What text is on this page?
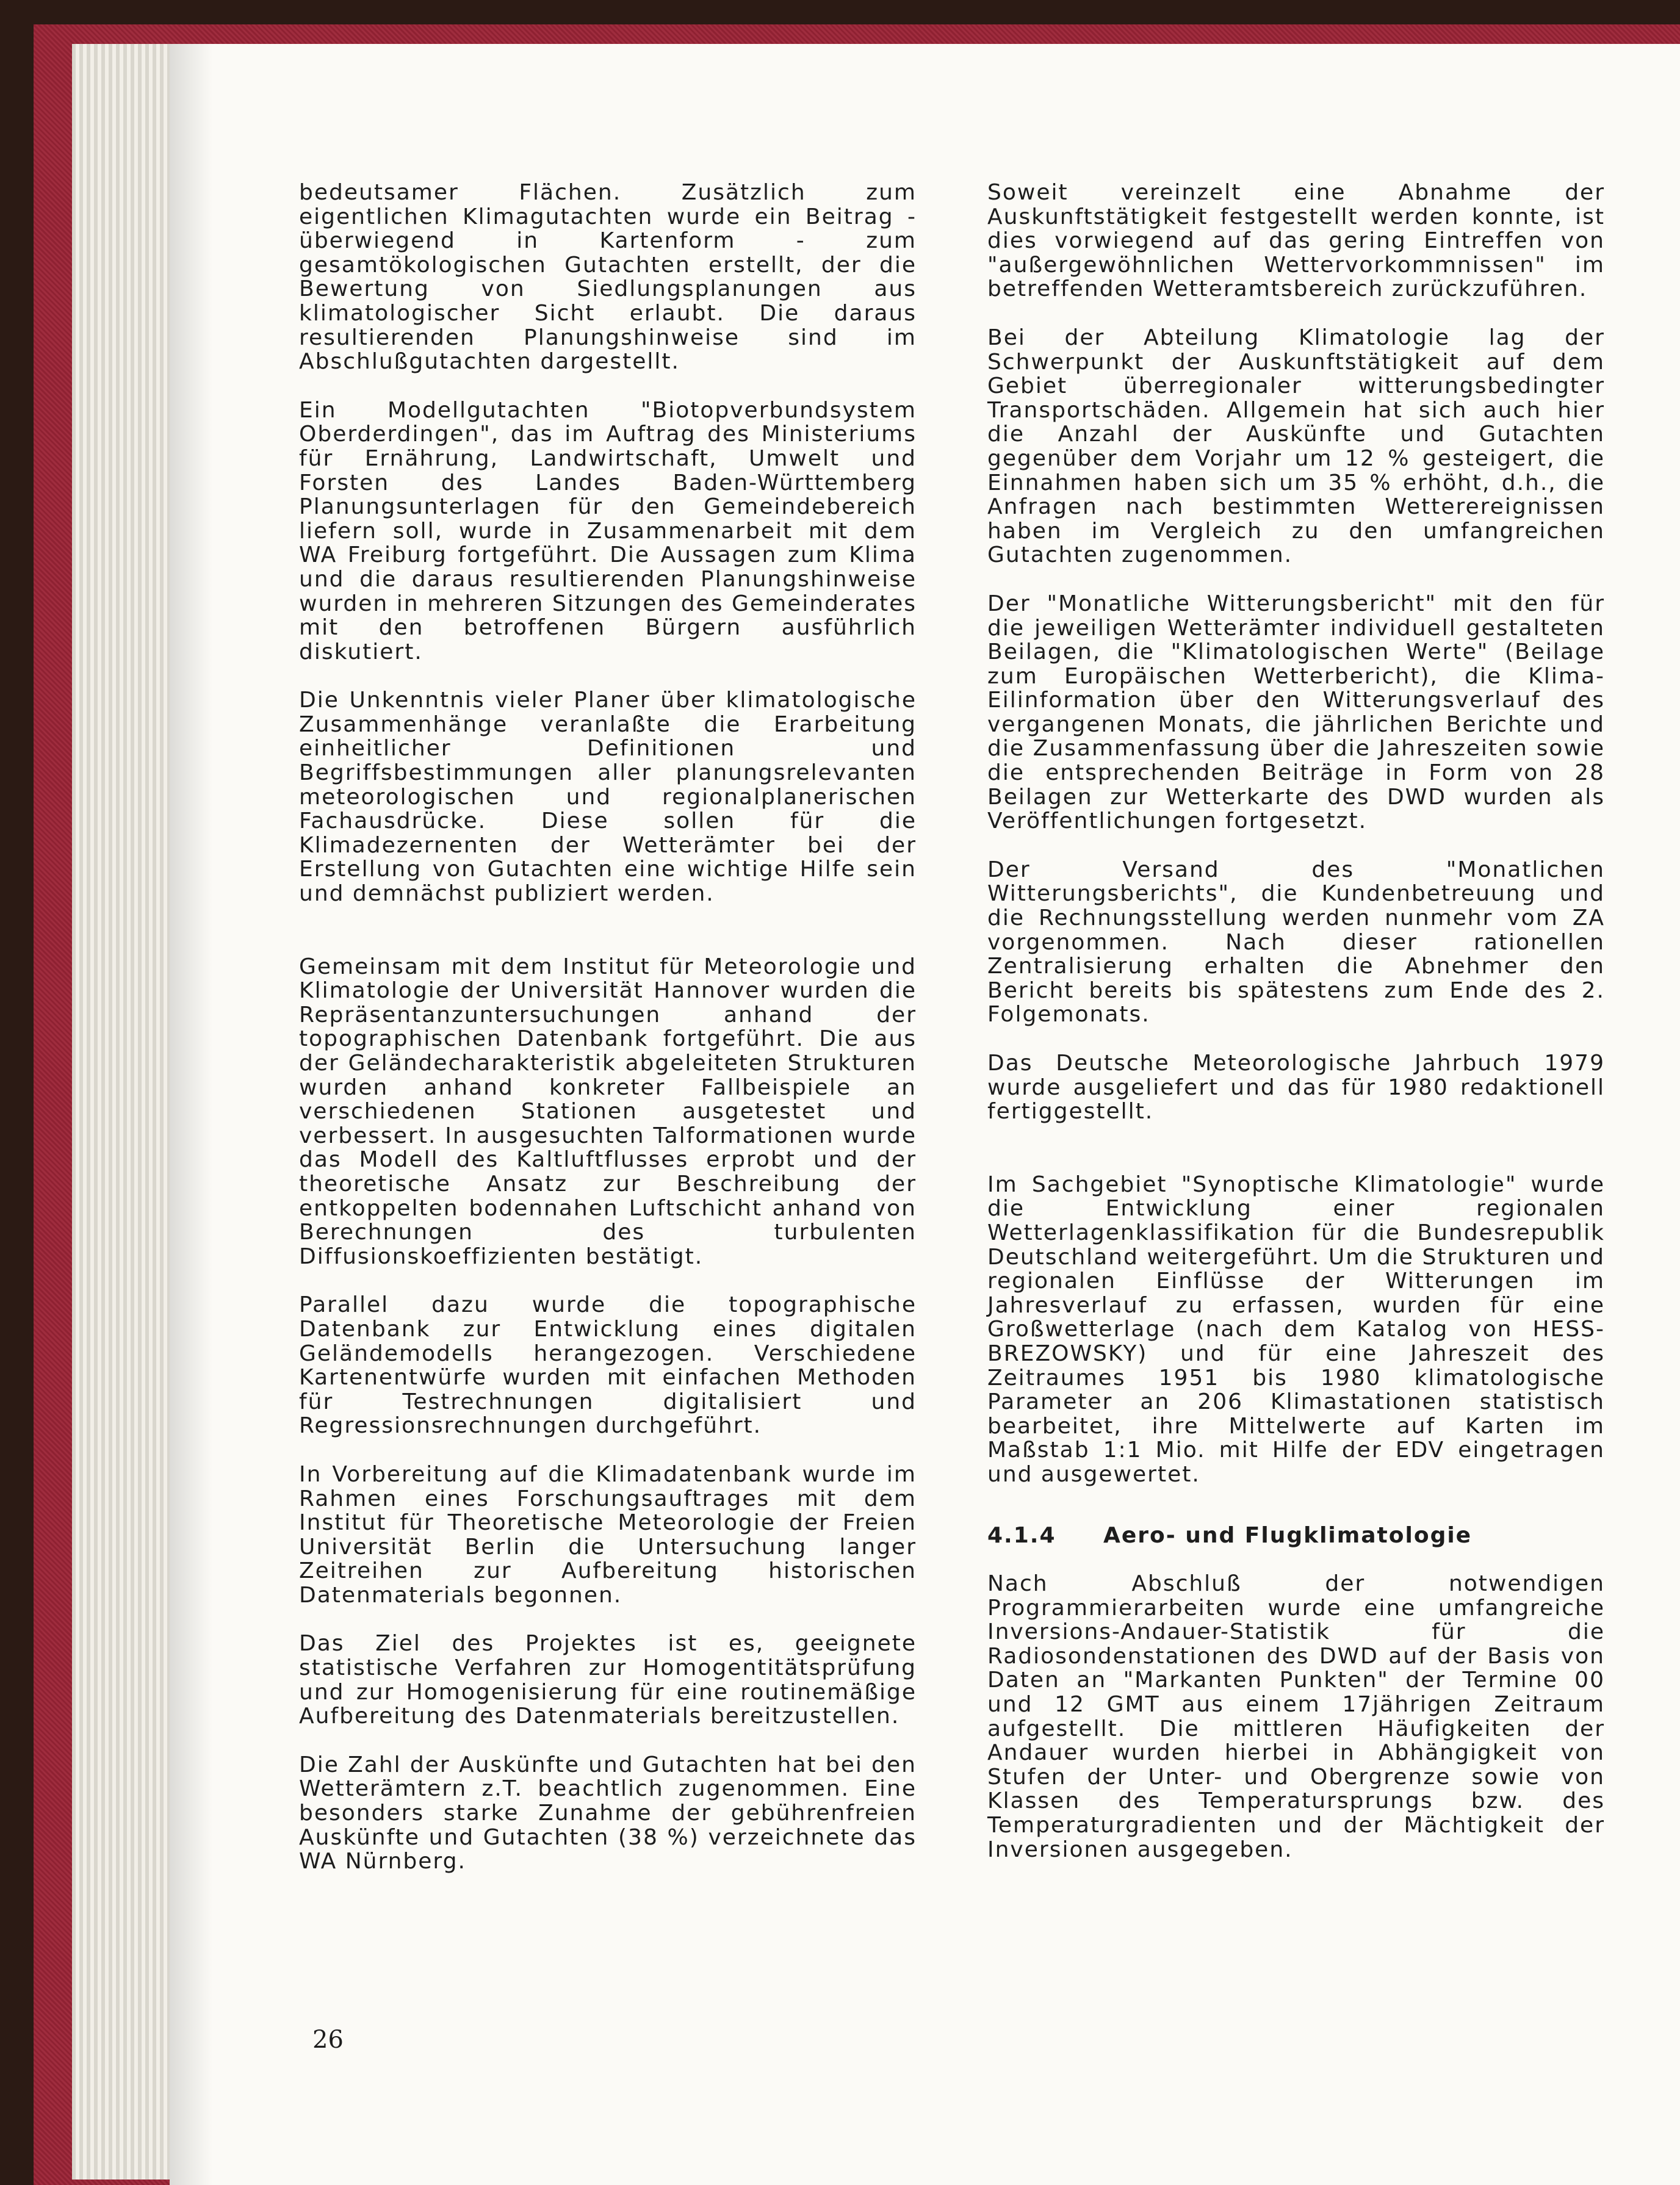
bedeutsamer Flächen. Zusätzlich zum eigentlichen Klimagutachten wurde ein Beitrag - überwiegend in Kartenform - zum gesamtökologischen Gutachten erstellt, der die Bewertung von Siedlungsplanungen aus klimatologischer Sicht erlaubt. Die daraus resultierenden Planungshinweise sind im Abschlußgutachten dargestellt.

Ein Modellgutachten "Biotopverbundsystem Oberderdingen", das im Auftrag des Ministeriums für Ernährung, Landwirtschaft, Umwelt und Forsten des Landes Baden-Württemberg Planungsunterlagen für den Gemeindebereich liefern soll, wurde in Zusammenarbeit mit dem WA Freiburg fortgeführt. Die Aussagen zum Klima und die daraus resultierenden Planungshinweise wurden in mehreren Sitzungen des Gemeinderates mit den betroffenen Bürgern ausführlich diskutiert.

Die Unkenntnis vieler Planer über klimatologische Zusammenhänge veranlaßte die Erarbeitung einheitlicher Definitionen und Begriffsbestimmungen aller planungsrelevanten meteorologischen und regionalplanerischen Fachausdrücke. Diese sollen für die Klimadezernenten der Wetterämter bei der Erstellung von Gutachten eine wichtige Hilfe sein und demnächst publiziert werden.

Gemeinsam mit dem Institut für Meteorologie und Klimatologie der Universität Hannover wurden die Repräsentanzuntersuchungen anhand der topographischen Datenbank fortgeführt. Die aus der Geländecharakteristik abgeleiteten Strukturen wurden anhand konkreter Fallbeispiele an verschiedenen Stationen ausgetestet und verbessert. In ausgesuchten Talformationen wurde das Modell des Kaltluftflusses erprobt und der theoretische Ansatz zur Beschreibung der entkoppelten bodennahen Luftschicht anhand von Berechnungen des turbulenten Diffusionskoeffizienten bestätigt.

Parallel dazu wurde die topographische Datenbank zur Entwicklung eines digitalen Geländemodells herangezogen. Verschiedene Kartenentwürfe wurden mit einfachen Methoden für Testrechnungen digitalisiert und Regressionsrechnungen durchgeführt.

In Vorbereitung auf die Klimadatenbank wurde im Rahmen eines Forschungsauftrages mit dem Institut für Theoretische Meteorologie der Freien Universität Berlin die Untersuchung langer Zeitreihen zur Aufbereitung historischen Datenmaterials begonnen.

Das Ziel des Projektes ist es, geeignete statistische Verfahren zur Homogentitätsprüfung und zur Homogenisierung für eine routinemäßige Aufbereitung des Datenmaterials bereitzustellen.

Die Zahl der Auskünfte und Gutachten hat bei den Wetterämtern z.T. beachtlich zugenommen. Eine besonders starke Zunahme der gebührenfreien Auskünfte und Gutachten (38 %) verzeichnete das WA Nürnberg.

Soweit vereinzelt eine Abnahme der Auskunftstätigkeit festgestellt werden konnte, ist dies vorwiegend auf das gering Eintreffen von "außergewöhnlichen Wettervorkommnissen" im betreffenden Wetteramtsbereich zurückzuführen.

Bei der Abteilung Klimatologie lag der Schwerpunkt der Auskunftstätigkeit auf dem Gebiet überregionaler witterungsbedingter Transportschäden. Allgemein hat sich auch hier die Anzahl der Auskünfte und Gutachten gegenüber dem Vorjahr um 12 % gesteigert, die Einnahmen haben sich um 35 % erhöht, d.h., die Anfragen nach bestimmten Wetterereignissen haben im Vergleich zu den umfangreichen Gutachten zugenommen.

Der "Monatliche Witterungsbericht" mit den für die jeweiligen Wetterämter individuell gestalteten Beilagen, die "Klimatologischen Werte" (Beilage zum Europäischen Wetterbericht), die Klima-Eilinformation über den Witterungsverlauf des vergangenen Monats, die jährlichen Berichte und die Zusammenfassung über die Jahreszeiten sowie die entsprechenden Beiträge in Form von 28 Beilagen zur Wetterkarte des DWD wurden als Veröffentlichungen fortgesetzt.

Der Versand des "Monatlichen Witterungsberichts", die Kundenbetreuung und die Rechnungsstellung werden nunmehr vom ZA vorgenommen. Nach dieser rationellen Zentralisierung erhalten die Abnehmer den Bericht bereits bis spätestens zum Ende des 2. Folgemonats.

Das Deutsche Meteorologische Jahrbuch 1979 wurde ausgeliefert und das für 1980 redaktionell fertiggestellt.

Im Sachgebiet "Synoptische Klimatologie" wurde die Entwicklung einer regionalen Wetterlagenklassifikation für die Bundesrepublik Deutschland weitergeführt. Um die Strukturen und regionalen Einflüsse der Witterungen im Jahresverlauf zu erfassen, wurden für eine Großwetterlage (nach dem Katalog von HESS-BREZOWSKY) und für eine Jahreszeit des Zeitraumes 1951 bis 1980 klimatologische Parameter an 206 Klimastationen statistisch bearbeitet, ihre Mittelwerte auf Karten im Maßstab 1:1 Mio. mit Hilfe der EDV eingetragen und ausgewertet.

4.1.4 Aero- und Flugklimatologie

Nach Abschluß der notwendigen Programmierarbeiten wurde eine umfangreiche Inversions-Andauer-Statistik für die Radiosondenstationen des DWD auf der Basis von Daten an "Markanten Punkten" der Termine 00 und 12 GMT aus einem 17jährigen Zeitraum aufgestellt. Die mittleren Häufigkeiten der Andauer wurden hierbei in Abhängigkeit von Stufen der Unter- und Obergrenze sowie von Klassen des Temperatursprungs bzw. des Temperaturgradienten und der Mächtigkeit der Inversionen ausgegeben.

26
